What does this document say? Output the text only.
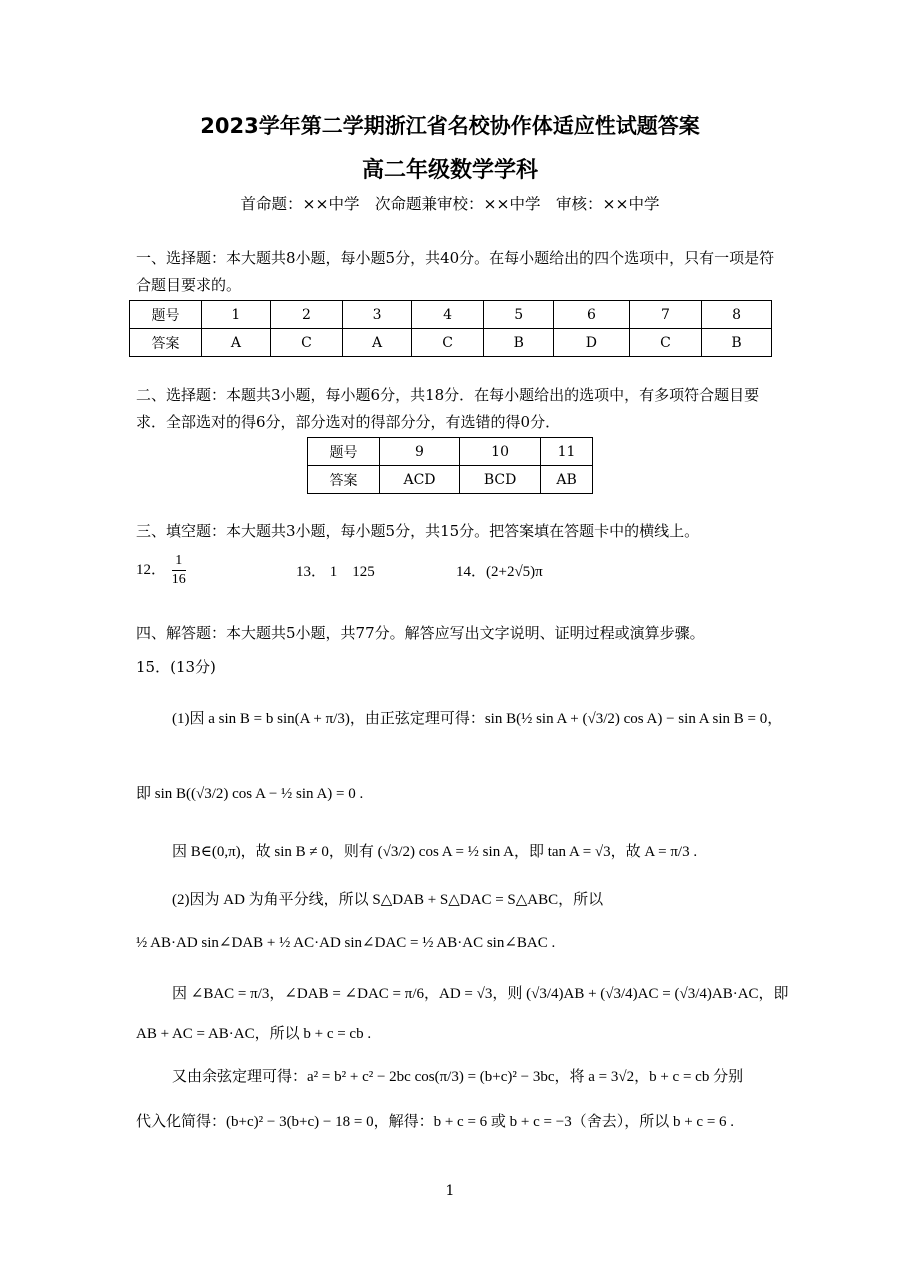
2023学年第二学期浙江省名校协作体适应性试题答案
高二年级数学学科
首命题：××中学　次命题兼审校：××中学　审核：××中学
一、选择题：本大题共8小题，每小题5分，共40分。在每小题给出的四个选项中，只有一项是符合题目要求的。
题号	1	2	3	4	5	6	7	8
答案	A	C	A	C	B	D	C	B
二、选择题：本题共3小题，每小题6分，共18分．在每小题给出的选项中，有多项符合题目要求．全部选对的得6分，部分选对的得部分分，有选错的得0分．
题号	9	10	11
答案	ACD	BCD	AB
三、填空题：本大题共3小题，每小题5分，共15分。把答案填在答题卡中的横线上。
12． $\frac{1}{16}$	13． 1　125	14．(2+2√5)π
四、解答题：本大题共5小题，共77分。解答应写出文字说明、证明过程或演算步骤。
15．(13分)
(1)因 a sin B = b sin(A + π/3)，由正弦定理可得：sin B(½ sin A + (√3/2) cos A) − sin A sin B = 0，
即 sin B((√3/2) cos A − ½ sin A) = 0 .
因 B∈(0,π)，故 sin B ≠ 0，则有 (√3/2) cos A = ½ sin A，即 tan A = √3，故 A = π/3 .
(2)因为 AD 为角平分线，所以 S△DAB + S△DAC = S△ABC，所以
½ AB·AD sin∠DAB + ½ AC·AD sin∠DAC = ½ AB·AC sin∠BAC .
因 ∠BAC = π/3，∠DAB = ∠DAC = π/6，AD = √3，则 (√3/4)AB + (√3/4)AC = (√3/4)AB·AC，即
AB + AC = AB·AC，所以 b + c = cb .
又由余弦定理可得：a² = b² + c² − 2bc cos(π/3) = (b+c)² − 3bc，将 a = 3√2，b + c = cb 分别
代入化简得：(b+c)² − 3(b+c) − 18 = 0，解得：b + c = 6 或 b + c = −3（舍去），所以 b + c = 6 .
1
